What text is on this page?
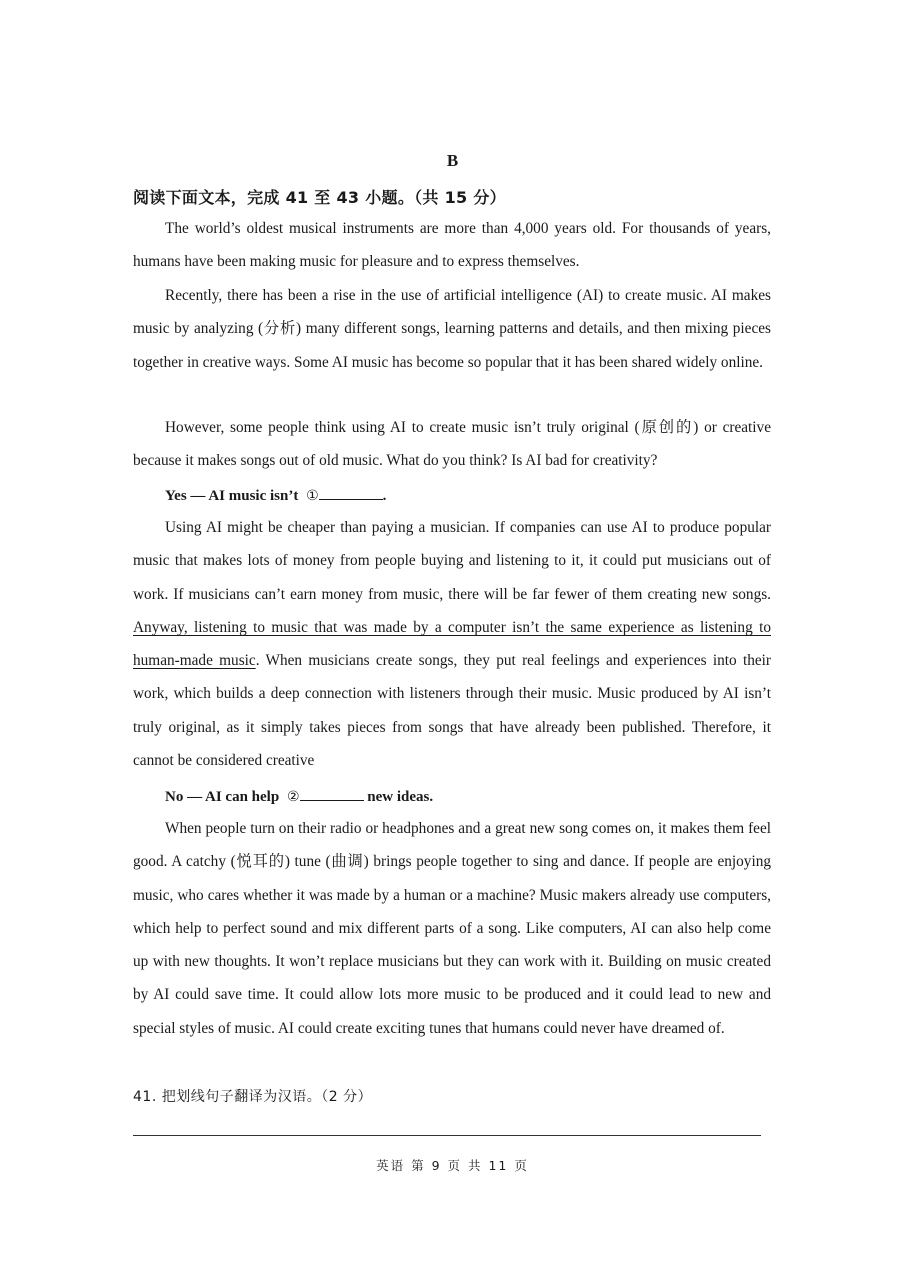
B
阅读下面文本，完成 41 至 43 小题。（共 15 分）

The world’s oldest musical instruments are more than 4,000 years old. For thousands of years, humans have been making music for pleasure and to express themselves.

Recently, there has been a rise in the use of artificial intelligence (AI) to create music. AI makes music by analyzing (分析) many different songs, learning patterns and details, and then mixing pieces together in creative ways. Some AI music has become so popular that it has been shared widely online.

However, some people think using AI to create music isn’t truly original (原创的) or creative because it makes songs out of old music. What do you think? Is AI bad for creativity?

Yes — AI music isn’t ①	.

Using AI might be cheaper than paying a musician. If companies can use AI to produce popular music that makes lots of money from people buying and listening to it, it could put musicians out of work. If musicians can’t earn money from music, there will be far fewer of them creating new songs. Anyway, listening to music that was made by a computer isn’t the same experience as listening to human-made music. When musicians create songs, they put real feelings and experiences into their work, which builds a deep connection with listeners through their music. Music produced by AI isn’t truly original, as it simply takes pieces from songs that have already been published. Therefore, it cannot be considered creative

No — AI can help ②	new ideas.

When people turn on their radio or headphones and a great new song comes on, it makes them feel good. A catchy (悦耳的) tune (曲调) brings people together to sing and dance. If people are enjoying music, who cares whether it was made by a human or a machine? Music makers already use computers, which help to perfect sound and mix different parts of a song. Like computers, AI can also help come up with new thoughts. It won’t replace musicians but they can work with it. Building on music created by AI could save time. It could allow lots more music to be produced and it could lead to new and special styles of music. AI could create exciting tunes that humans could never have dreamed of.

41. 把划线句子翻译为汉语。（2 分）
英语 第 9 页 共 11 页
